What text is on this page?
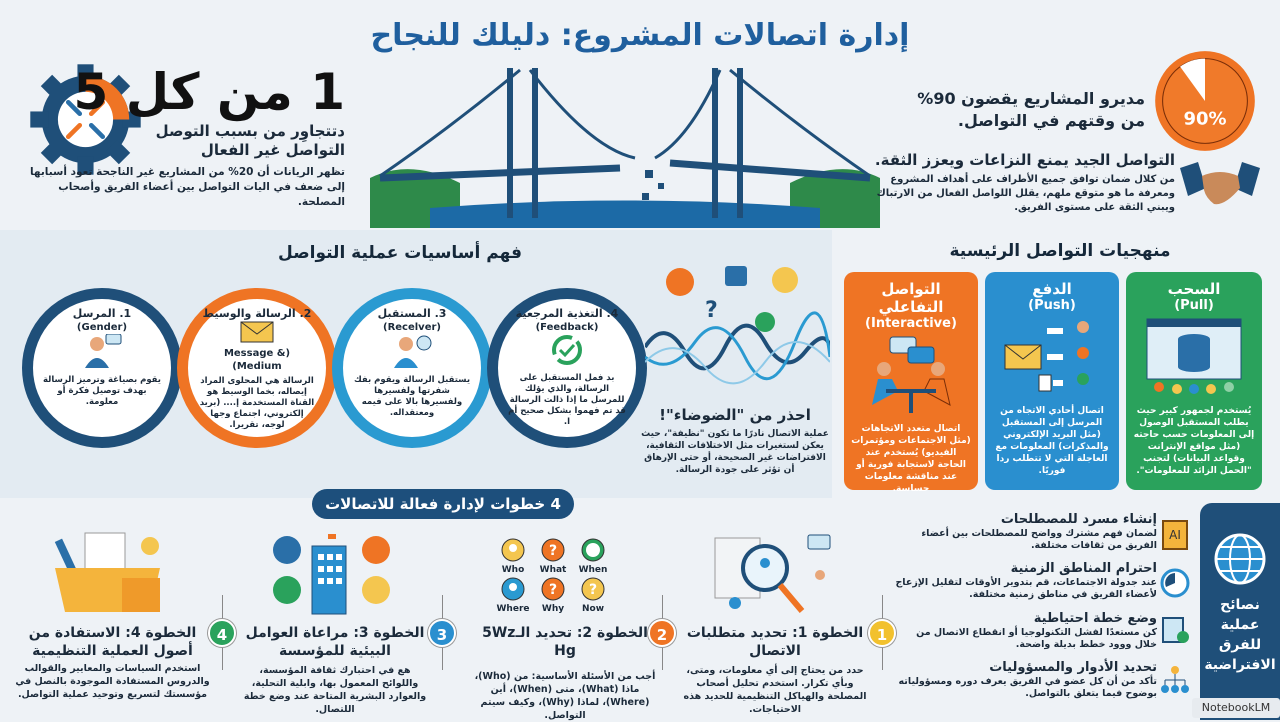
إدارة اتصالات المشروع: دليلك للنجاح
1 من كل 5
دتتجاوِر من بسبب التوصل
التواصل غير الفعال
تظهر الريانات أن 20% من المشاريع غير الناجحة تعود أسبابها إلى ضعف في اليات التواصل بين أعضاء الفريق وأصحاب المصلحة.
90%
مديرو المشاريع يقضون 90% من وقتهم في التواصل.
التواصل الجيد يمنع النزاعات ويعزز الثقة.
من كلال ضمان توافق جميع الأطراف على أهداف المشروع ومعرفة ما هو متوقع ملهم، يقلل اللواصل الفعال من الارتباك ويبني الثقة على مستوى الفريق.
فهم أساسيات عملية التواصل
1. المرسل
(Gender)
يقوم بصياغة وترميز الرسالة بهدف توصيل فكرة أو معلومة.
2. الرسالة والوسيط
(Message & Medium)
الرسالة هي المحلوى المراد إيصاله، بخما الوسيط هو القناة المستخدمة إ.... (بريد إلكتروني، اجتماع وجها لوجه، تقريرا.
3. المستقبل
(Recelver)
يستقبل الرسالة ويقوم بفك شفرتها ولفسيرها ولفسيرها بالا على فيمه ومعتقداله.
4. التغذية المرجعية
(Feedback)
بد فمل المستقبل على الرسالة، والذي يؤلك للمرسل ما إذا ذالت الرسالة قد تم فهموا بشكل صحيح أم ا.
?
احذر من "الضوضاء"!
عملية الاتصال نادرًا ما تكون "نظيفة"، حيث يعكن لستغيرات مثل الاختلافات الثقافية، الافتراضات غير الصحيحة، أو حتى الإرهاق أن تؤثر على جودة الرسالة.
منهجيات التواصل الرئيسية
التواصل التفاعلي
(Interactive)
اتصال متعدد الاتجاهات (مثل الاجتماعات ومؤتمرات الفيديو) يُستخدم عند الحاجة لاستجابة فورية أو عند مناقشة معلومات حساسة.
الدفع
(Push)
اتصال أحادي الاتجاه من المرسل إلى المستقبل (مثل البريد الإلكتروني والمذكرات) المعلومات مع العاجلة التي لا تتطلب ردا فوريًا.
السحب
(Pull)
يُستخدم لجمهور كبير حيث يطلب المستقبل الوصول إلى المعلومات حسب حاجته (مثل مواقع الإنترانت وقواعد البيانات) لتجنب "الحمل الزائد للمعلومات".
4 خطوات لإدارة فعالة للاتصالات
الخطوة 1: تحديد متطلبات الاتصال
حدد من يحتاج إلى أي معلومات، ومتى، وبأي تكرار. استخدم تحليل أصحاب المصلحة والهياكل التنظيمية للحديد هذه الاحتياجات.
1
Who
?
What	When
Where
?
Why
?
Now
الخطوة 2: تحديد الـ5Wz Hg
أجب من الأسئلة الأساسية: من (Who)، ماذا (What)، متى (When)، أين (Where)، لماذا (Why)، وكيف سيتم التواصل.
2
الخطوة 3: مراعاة العوامل البيئية للمؤسسة
هع في احتبارك ثقافة المؤسسة، واللوائح المعمول بها، وابلية التحلية، والعوارد البشرية المتاحة عند وضع خطة اللتصال.
3
الخطوة 4: الاستفادة من أصول العملية التنظيمية
استخدم السياسات والمعايير والقوالب والدروس المستفادة الموجودة بالنصل في مؤسستك لتسريع وتوحيد عملية التواصل.
4
إنشاء مسرد للمصطلحات
لضمان فهم مشترك وواضح للمصطلحات بين أعضاء الفريق من ثقافات مختلفة.
AI
احترام المناطق الزمنية
عند جدولة الاجتماعات، قم بتدوير الأوقات لتقليل الإزعاج لأعضاء الفريق في مناطق زمنية مختلفة.
وضع خطة احتياطية
كن مستعدًا لفشل التكنولوجيا أو انقطاع الاتصال من خلال ووود خطط بديلة واضحة.
تحديد الأدوار والمسؤوليات
تأكد من أن كل عضو في الفريق يعرف دوره ومسؤولياته بوضوح فيما يتعلق بالتواصل.
نصائح عملية للفرق الافتراضية
NotebookLM
